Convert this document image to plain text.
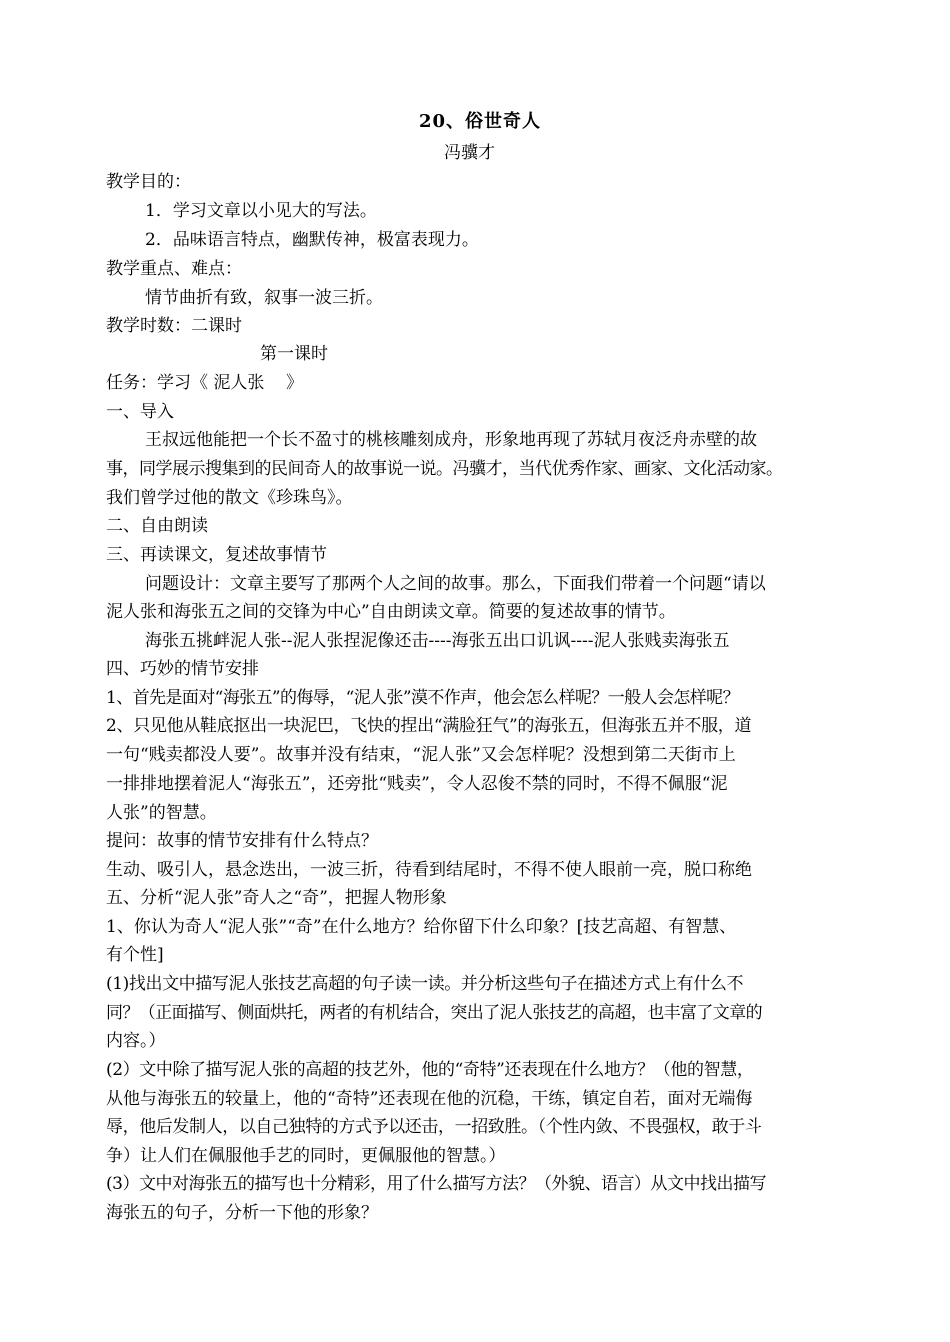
20、俗世奇人
冯骥才
教学目的：
1．学习文章以小见大的写法。
2．品味语言特点，幽默传神，极富表现力。
教学重点、难点：
情节曲折有致，叙事一波三折。
教学时数：二课时
第一课时
任务：学习《 泥人张    》
一、导入
王叔远他能把一个长不盈寸的桃核雕刻成舟，形象地再现了苏轼月夜泛舟赤壁的故
事，同学展示搜集到的民间奇人的故事说一说。冯骥才，当代优秀作家、画家、文化活动家。
我们曾学过他的散文《珍珠鸟》。
二、自由朗读
三、再读课文，复述故事情节
问题设计：文章主要写了那两个人之间的故事。那么，下面我们带着一个问题“请以
泥人张和海张五之间的交锋为中心”自由朗读文章。简要的复述故事的情节。
海张五挑衅泥人张--泥人张捏泥像还击----海张五出口讥讽----泥人张贱卖海张五
四、巧妙的情节安排
1、首先是面对“海张五”的侮辱，“泥人张”漠不作声，他会怎么样呢？一般人会怎样呢？
2、只见他从鞋底抠出一块泥巴，飞快的捏出“满脸狂气”的海张五，但海张五并不服，道
一句“贱卖都没人要”。故事并没有结束，“泥人张”又会怎样呢？没想到第二天街市上
一排排地摆着泥人“海张五”，还旁批“贱卖”，令人忍俊不禁的同时，不得不佩服“泥
人张”的智慧。
提问：故事的情节安排有什么特点？
生动、吸引人，悬念迭出，一波三折，待看到结尾时，不得不使人眼前一亮，脱口称绝
五、分析“泥人张”奇人之“奇”，把握人物形象
1、你认为奇人“泥人张”“奇”在什么地方？给你留下什么印象？[技艺高超、有智慧、
有个性]
(1)找出文中描写泥人张技艺高超的句子读一读。并分析这些句子在描述方式上有什么不
同？（正面描写、侧面烘托，两者的有机结合，突出了泥人张技艺的高超，也丰富了文章的
内容。）
(2）文中除了描写泥人张的高超的技艺外，他的“奇特”还表现在什么地方？（他的智慧，
从他与海张五的较量上，他的“奇特”还表现在他的沉稳，干练，镇定自若，面对无端侮
辱，他后发制人，以自己独特的方式予以还击，一招致胜。（个性内敛、不畏强权，敢于斗
争）让人们在佩服他手艺的同时，更佩服他的智慧。）
(3）文中对海张五的描写也十分精彩，用了什么描写方法？（外貌、语言）从文中找出描写
海张五的句子，分析一下他的形象？
